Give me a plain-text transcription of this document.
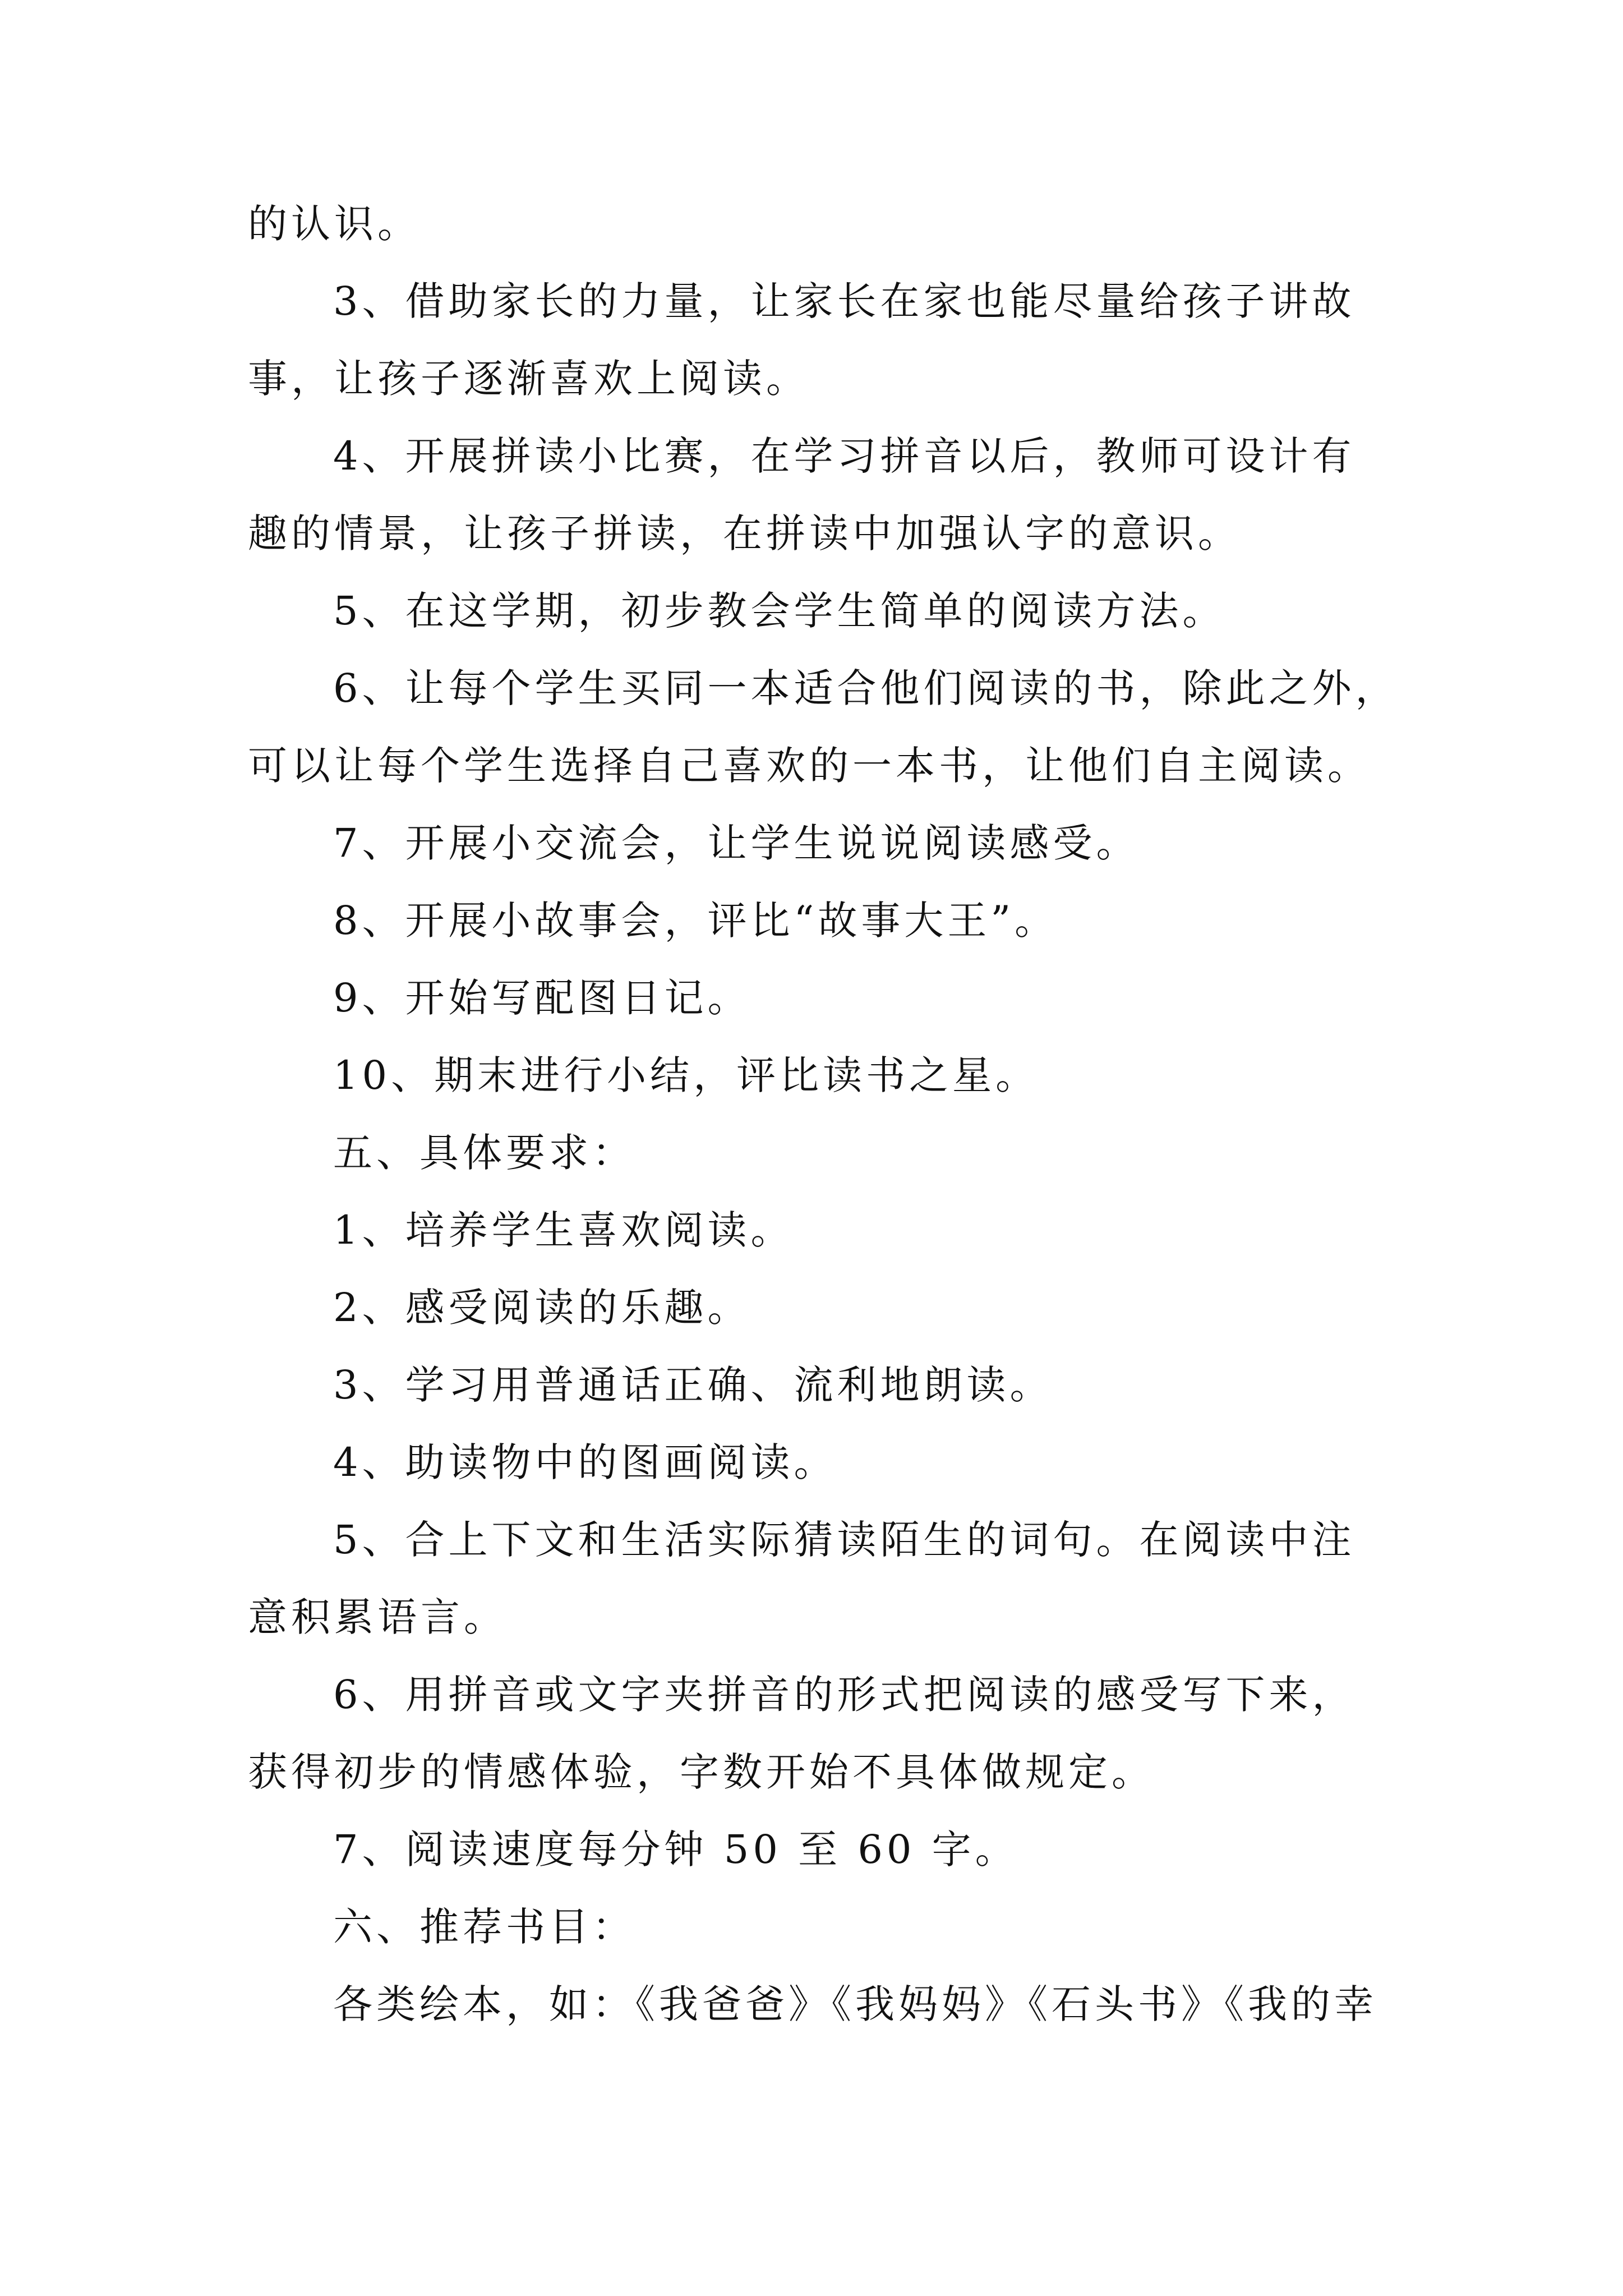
的认识。

3、借助家长的力量，让家长在家也能尽量给孩子讲故

事，让孩子逐渐喜欢上阅读。

4、开展拼读小比赛，在学习拼音以后，教师可设计有

趣的情景，让孩子拼读，在拼读中加强认字的意识。

5、在这学期，初步教会学生简单的阅读方法。

6、让每个学生买同一本适合他们阅读的书，除此之外，

可以让每个学生选择自己喜欢的一本书，让他们自主阅读。

7、开展小交流会，让学生说说阅读感受。

8、开展小故事会，评比“故事大王”。

9、开始写配图日记。

10、期末进行小结，评比读书之星。

五、具体要求：

1、培养学生喜欢阅读。

2、感受阅读的乐趣。

3、学习用普通话正确、流利地朗读。

4、助读物中的图画阅读。

5、合上下文和生活实际猜读陌生的词句。在阅读中注

意积累语言。

6、用拼音或文字夹拼音的形式把阅读的感受写下来，

获得初步的情感体验，字数开始不具体做规定。

7、阅读速度每分钟 50 至 60 字。

六、推荐书目：

各类绘本，如：《我爸爸》《我妈妈》《石头书》《我的幸
